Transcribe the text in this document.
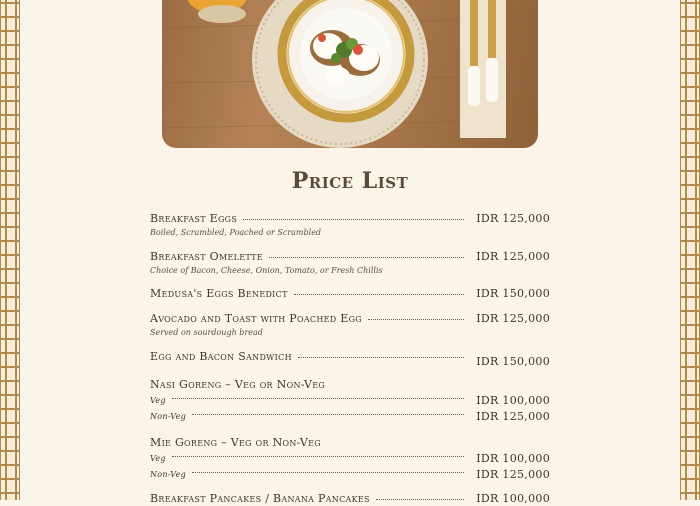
Price List
Breakfast Eggs	IDR 125,000
Boiled, Scrambled, Poached or Scrambled
Breakfast Omelette	IDR 125,000
Choice of Bacon, Cheese, Onion, Tomato, or Fresh Chillis
Medusa's Eggs Benedict	IDR 150,000
Avocado and Toast with Poached Egg	IDR 125,000
Served on sourdough bread
Egg and Bacon Sandwich	IDR 150,000
Nasi Goreng – Veg or Non-Veg
Veg	IDR 100,000
Non-Veg	IDR 125,000
Mie Goreng – Veg or Non-Veg
Veg	IDR 100,000
Non-Veg	IDR 125,000
Breakfast Pancakes / Banana Pancakes	IDR 100,000
